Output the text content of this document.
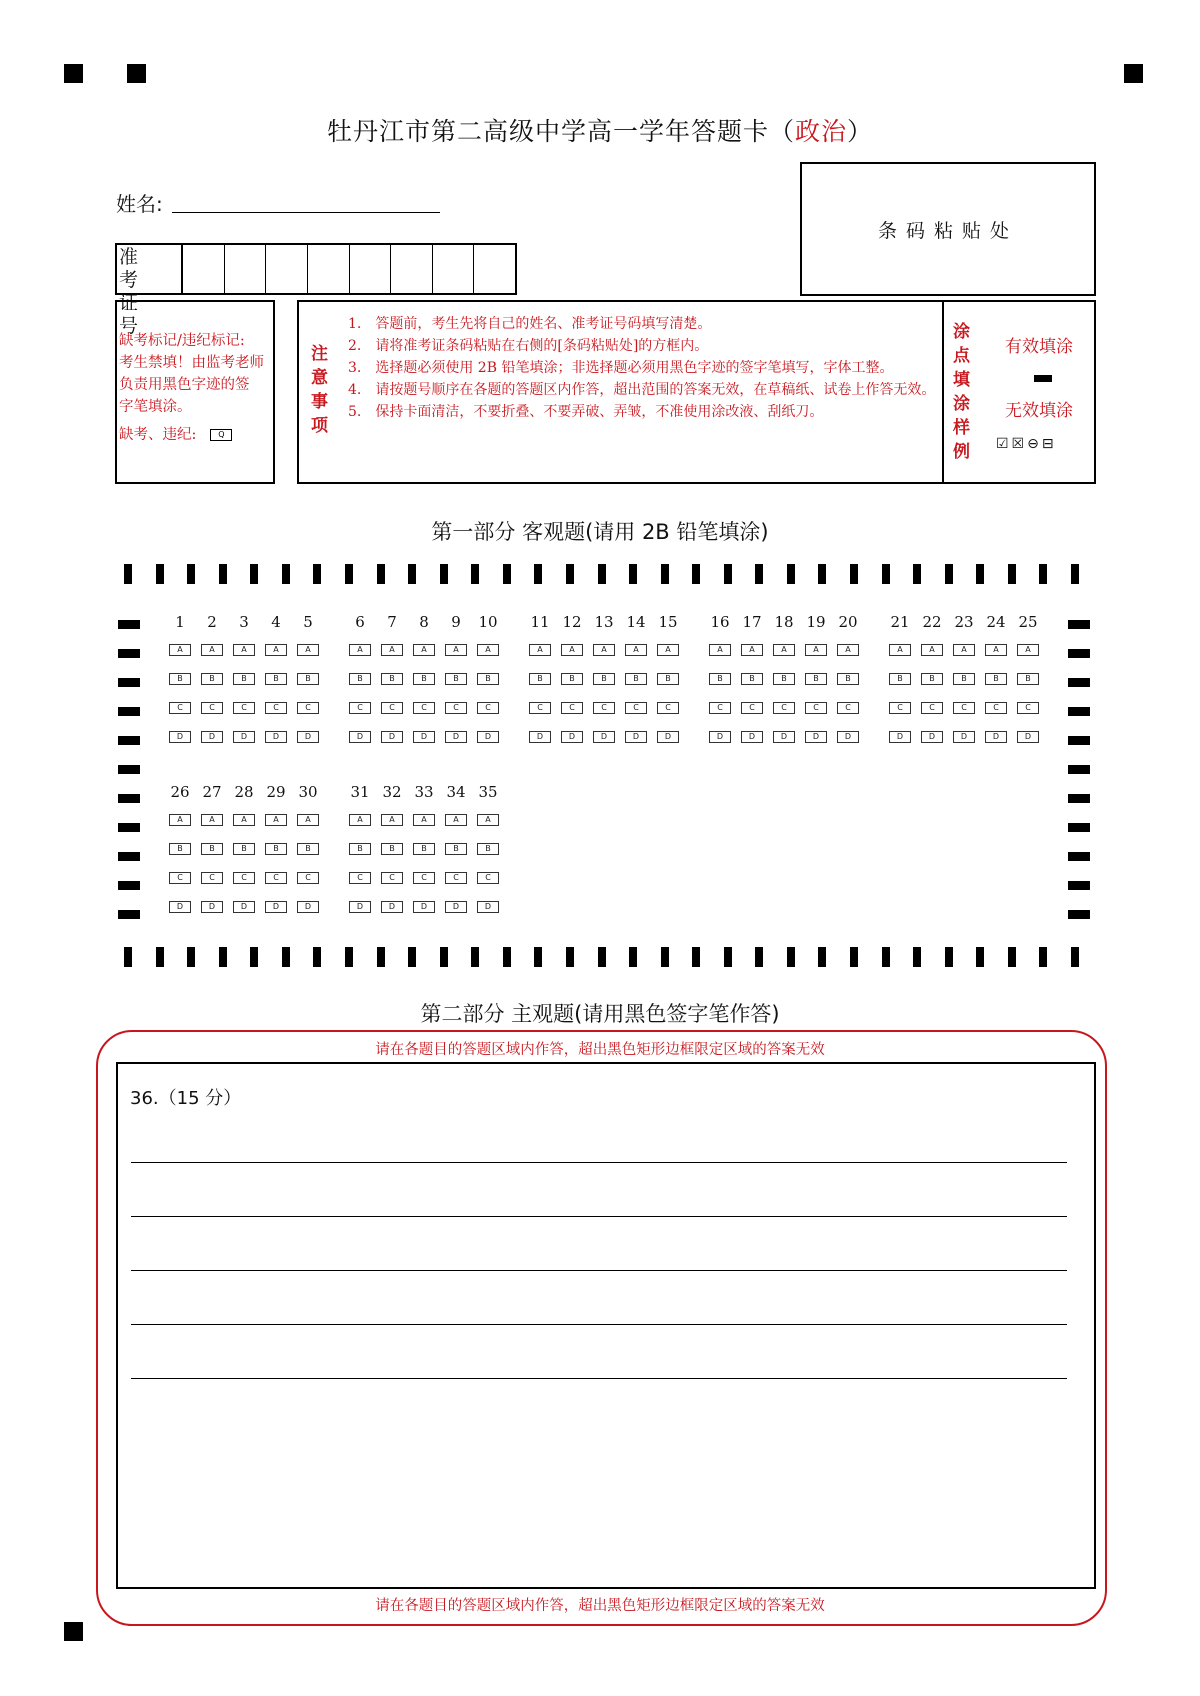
牡丹江市第二高级中学高一学年答题卡（政治）
姓名:
准 考
证 号
条码粘贴处
缺考标记/违纪标记:
考生禁填！由监考老师
负责用黑色字迹的签
字笔填涂。
缺考、违纪:	Q
注意事项
1.　答题前，考生先将自己的姓名、准考证号码填写清楚。
2.　请将准考证条码粘贴在右侧的[条码粘贴处]的方框内。
3.　选择题必须使用 2B 铅笔填涂；非选择题必须用黑色字迹的签字笔填写，字体工整。
4.　请按题号顺序在各题的答题区内作答，超出范围的答案无效，在草稿纸、试卷上作答无效。
5.　保持卡面清洁，不要折叠、不要弄破、弄皱，不准使用涂改液、刮纸刀。
涂点填涂样例
有效填涂
无效填涂
☑☒⊖⊟
第一部分 客观题(请用 2B 铅笔填涂)
1
A
B
C
D
2
A
B
C
D
3
A
B
C
D
4
A
B
C
D
5
A
B
C
D
6
A
B
C
D
7
A
B
C
D
8
A
B
C
D
9
A
B
C
D
10
A
B
C
D
11
A
B
C
D
12
A
B
C
D
13
A
B
C
D
14
A
B
C
D
15
A
B
C
D
16
A
B
C
D
17
A
B
C
D
18
A
B
C
D
19
A
B
C
D
20
A
B
C
D
21
A
B
C
D
22
A
B
C
D
23
A
B
C
D
24
A
B
C
D
25
A
B
C
D
26
A
B
C
D
27
A
B
C
D
28
A
B
C
D
29
A
B
C
D
30
A
B
C
D
31
A
B
C
D
32
A
B
C
D
33
A
B
C
D
34
A
B
C
D
35
A
B
C
D
第二部分 主观题(请用黑色签字笔作答)
请在各题目的答题区域内作答，超出黑色矩形边框限定区域的答案无效
36.（15 分）
请在各题目的答题区域内作答，超出黑色矩形边框限定区域的答案无效
